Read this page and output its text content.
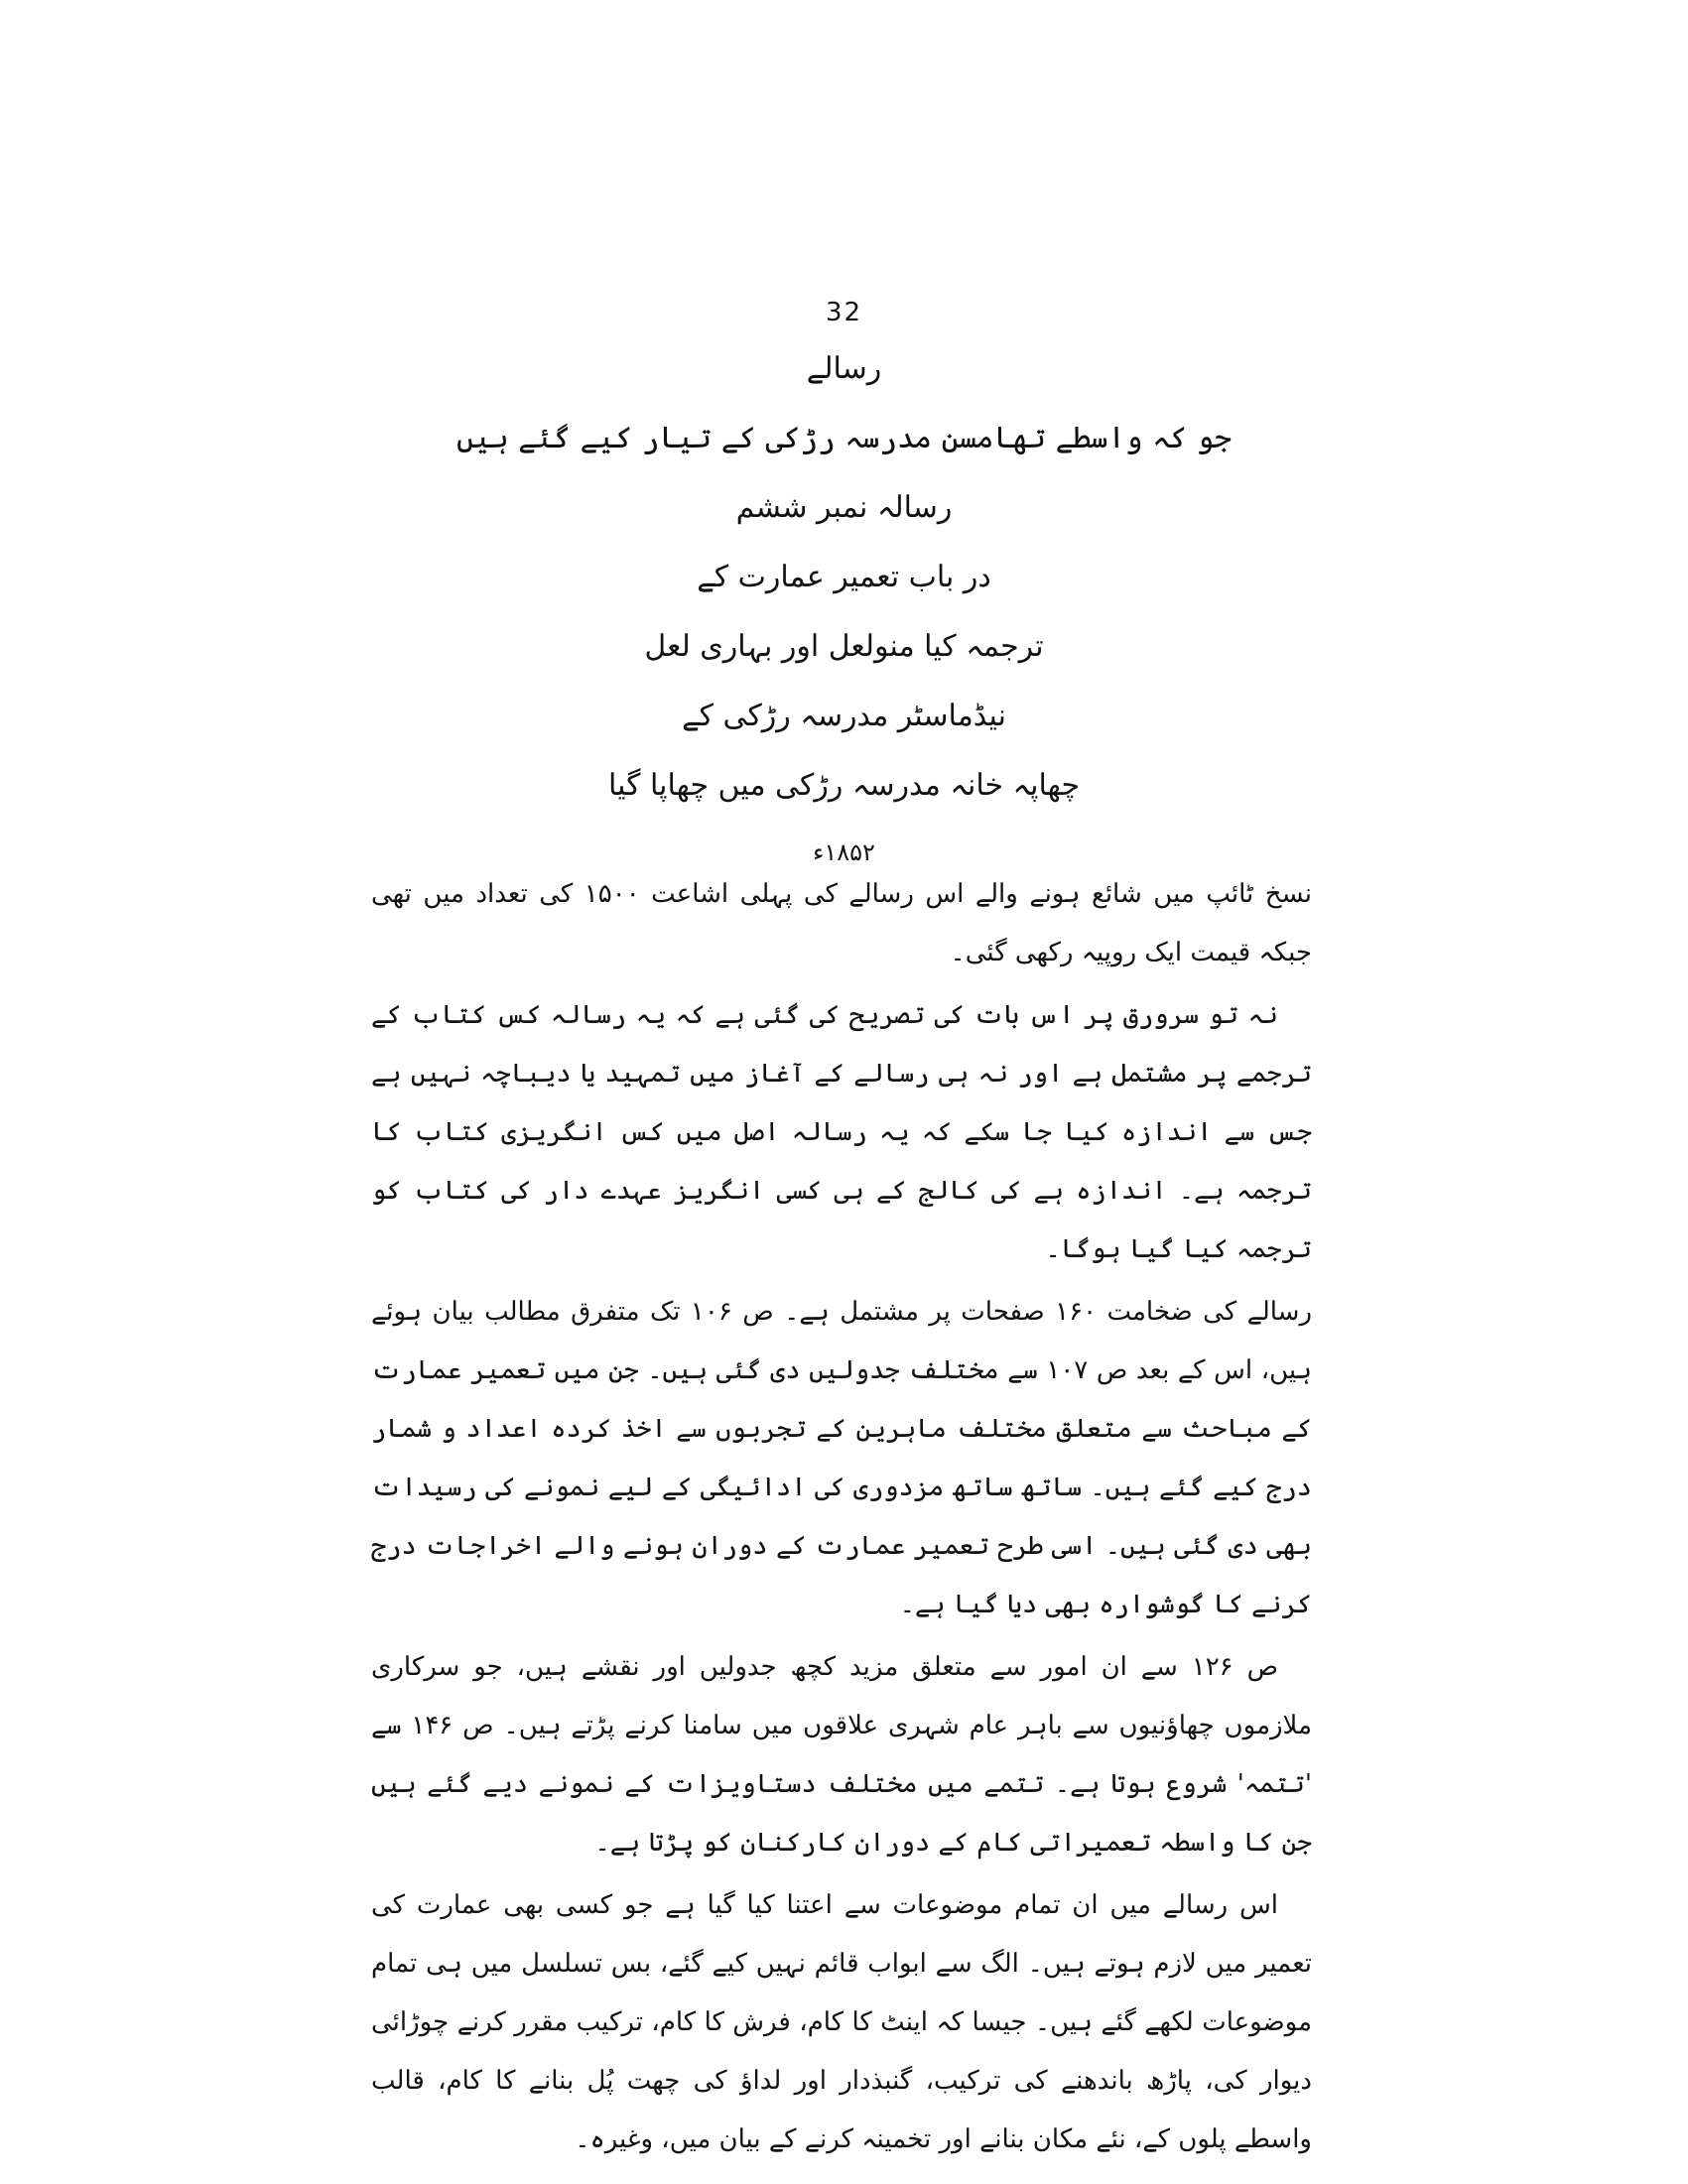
32
رسالے
جو کہ واسطے تھامسن مدرسہ رڑکی کے تیار کیے گئے ہیں
رسالہ نمبر ششم
در باب تعمیر عمارت کے
ترجمہ کیا منولعل اور بہاری لعل
نیڈماسٹر مدرسہ رڑکی کے
چھاپہ خانہ مدرسہ رڑکی میں چھاپا گیا
۱۸۵۲ء

نسخ ٹائپ میں شائع ہونے والے اس رسالے کی پہلی اشاعت ۱۵۰۰ کی تعداد میں تھی جبکہ قیمت ایک روپیہ رکھی گئی۔

نہ تو سرورق پر اس بات کی تصریح کی گئی ہے کہ یہ رسالہ کس کتاب کے ترجمے پر مشتمل ہے اور نہ ہی رسالے کے آغاز میں تمہید یا دیباچہ نہیں ہے جس سے اندازہ کیا جا سکے کہ یہ رسالہ اصل میں کس انگریزی کتاب کا ترجمہ ہے۔ اندازہ ہے کی کالج کے ہی کسی انگریز عہدے دار کی کتاب کو ترجمہ کیا گیا ہوگا۔

رسالے کی ضخامت ۱۶۰ صفحات پر مشتمل ہے۔ ص ۱۰۶ تک متفرق مطالب بیان ہوئے ہیں، اس کے بعد ص ۱۰۷ سے مختلف جدولیں دی گئی ہیں۔ جن میں تعمیر عمارت کے مباحث سے متعلق مختلف ماہرین کے تجربوں سے اخذ کردہ اعداد و شمار درج کیے گئے ہیں۔ ساتھ ساتھ مزدوری کی ادائیگی کے لیے نمونے کی رسیدات بھی دی گئی ہیں۔ اسی طرح تعمیر عمارت کے دوران ہونے والے اخراجات درج کرنے کا گوشوارہ بھی دیا گیا ہے۔

ص ۱۲۶ سے ان امور سے متعلق مزید کچھ جدولیں اور نقشے ہیں، جو سرکاری ملازموں چھاؤنیوں سے باہر عام شہری علاقوں میں سامنا کرنے پڑتے ہیں۔ ص ۱۴۶ سے 'تتمہ' شروع ہوتا ہے۔ تتمے میں مختلف دستاویزات کے نمونے دیے گئے ہیں جن کا واسطہ تعمیراتی کام کے دوران کارکنان کو پڑتا ہے۔

اس رسالے میں ان تمام موضوعات سے اعتنا کیا گیا ہے جو کسی بھی عمارت کی تعمیر میں لازم ہوتے ہیں۔ الگ سے ابواب قائم نہیں کیے گئے، بس تسلسل میں ہی تمام موضوعات لکھے گئے ہیں۔ جیسا کہ اینٹ کا کام، فرش کا کام، ترکیب مقرر کرنے چوڑائی دیوار کی، پاڑھ باندھنے کی ترکیب، گنبذدار اور لداؤ کی چھت پُل بنانے کا کام، قالب واسطے پلوں کے، نئے مکان بنانے اور تخمینہ کرنے کے بیان میں، وغیرہ۔
